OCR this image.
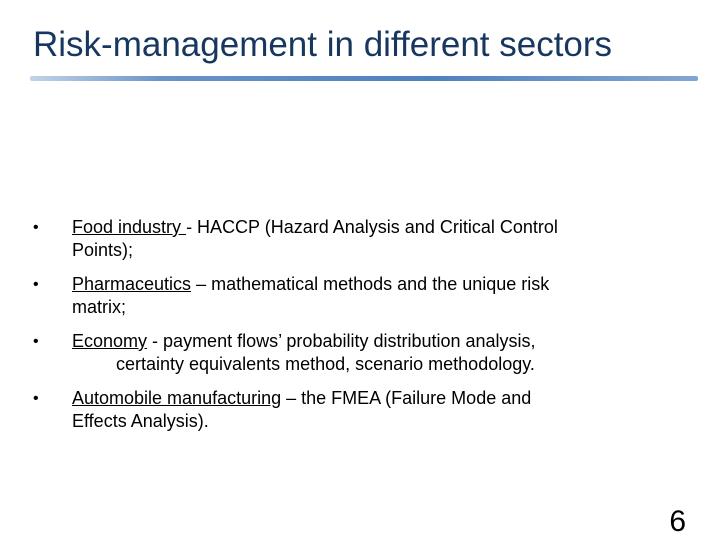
Risk-management in different sectors
• Food industry - HACCP (Hazard Analysis and Critical Control
Points);
• Pharmaceutics – mathematical methods and the unique risk
matrix;
• Economy - payment flows’ probability distribution analysis,
certainty equivalents method, scenario methodology.
• Automobile manufacturing – the FMEA (Failure Mode and
Effects Analysis).
6
